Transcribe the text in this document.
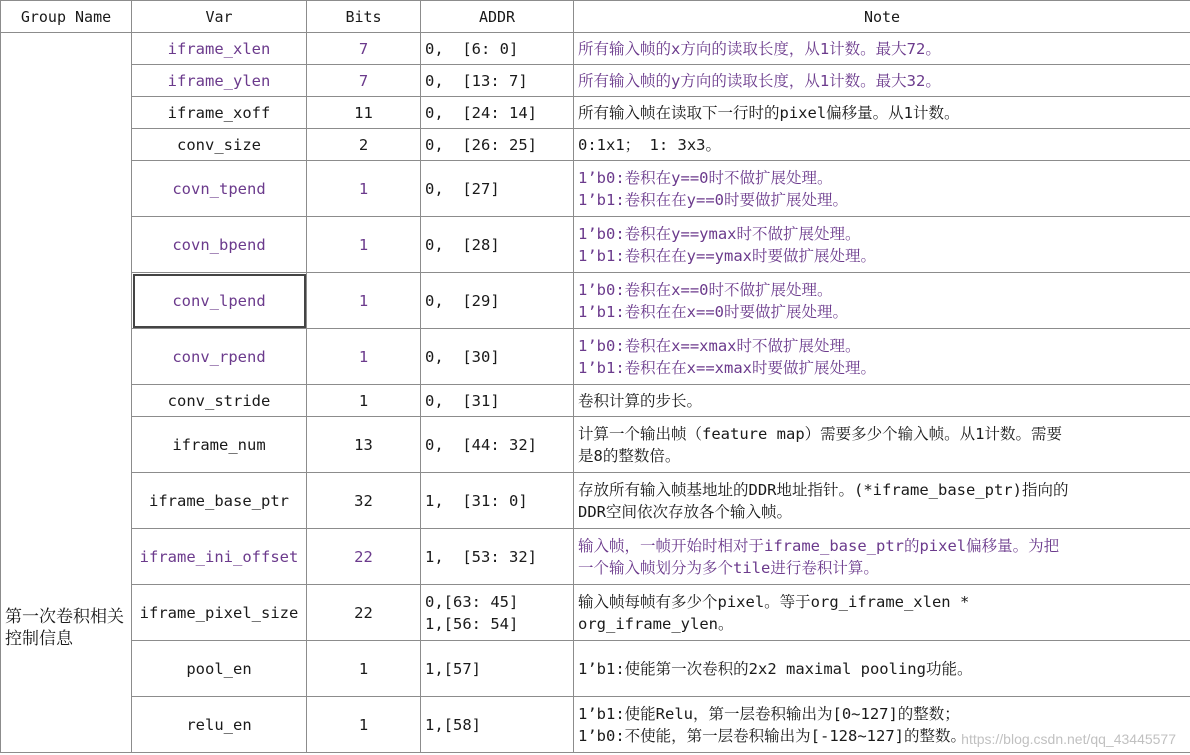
Group Name	Var	Bits	ADDR	Note
第一次卷积相关控制信息	iframe_xlen	7	0,  [6: 0]	所有输入帧的x方向的读取长度，从1计数。最大72。

	iframe_ylen	7	0,  [13: 7]	所有输入帧的y方向的读取长度，从1计数。最大32。

	iframe_xoff	11	0,  [24: 14]	所有输入帧在读取下一行时的pixel偏移量。从1计数。

	conv_size	2	0,  [26: 25]	0:1x1； 1: 3x3。

	covn_tpend	1	0,  [27]	1’b0:卷积在y==0时不做扩展处理。
1’b1:卷积在在y==0时要做扩展处理。

	covn_bpend	1	0,  [28]	1’b0:卷积在y==ymax时不做扩展处理。
1’b1:卷积在在y==ymax时要做扩展处理。

	conv_lpend	1	0,  [29]	1’b0:卷积在x==0时不做扩展处理。
1’b1:卷积在在x==0时要做扩展处理。

	conv_rpend	1	0,  [30]	1’b0:卷积在x==xmax时不做扩展处理。
1’b1:卷积在在x==xmax时要做扩展处理。

	conv_stride	1	0,  [31]	卷积计算的步长。

	iframe_num	13	0,  [44: 32]	计算一个输出帧（feature map）需要多少个输入帧。从1计数。需要
是8的整数倍。

	iframe_base_ptr	32	1,  [31: 0]	存放所有输入帧基地址的DDR地址指针。(*iframe_base_ptr)指向的
DDR空间依次存放各个输入帧。

	iframe_ini_offset	22	1,  [53: 32]	输入帧，一帧开始时相对于iframe_base_ptr的pixel偏移量。为把
一个输入帧划分为多个tile进行卷积计算。

	iframe_pixel_size	22	0,[63: 45]
1,[56: 54]	输入帧每帧有多少个pixel。等于org_iframe_xlen *
org_iframe_ylen。

	pool_en	1	1,[57]	1’b1:使能第一次卷积的2x2 maximal pooling功能。

	relu_en	1	1,[58]	1’b1:使能Relu，第一层卷积输出为[0~127]的整数；
1’b0:不使能，第一层卷积输出为[-128~127]的整数。
https://blog.csdn.net/qq_43445577
